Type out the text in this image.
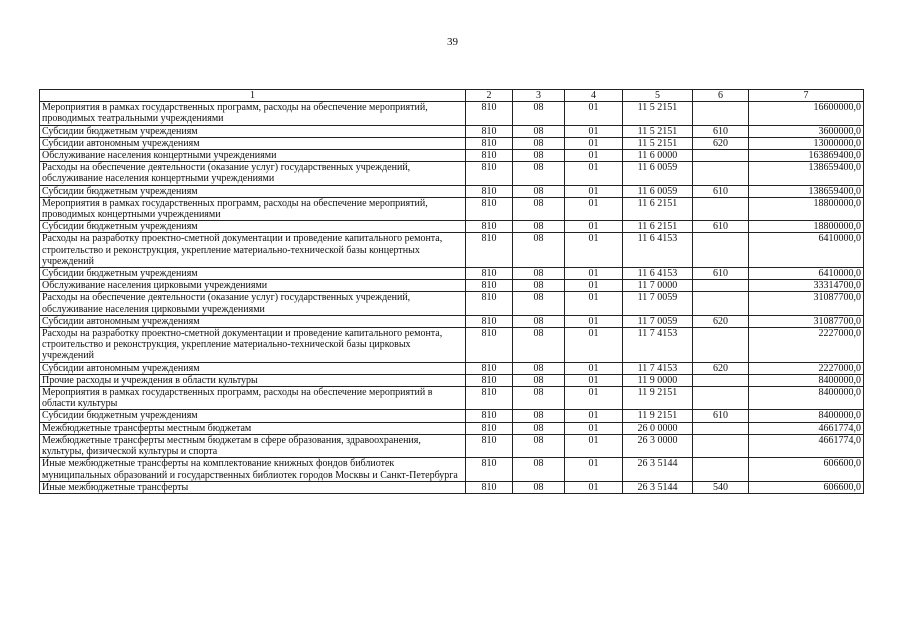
39
1	2	3	4	5	6	7
Мероприятия в рамках государственных программ, расходы на обеспечение мероприятий, проводимых театральными учреждениями	810	08	01	11 5 2151		16600000,0
Субсидии бюджетным учреждениям	810	08	01	11 5 2151	610	3600000,0
Субсидии автономным учреждениям	810	08	01	11 5 2151	620	13000000,0
Обслуживание населения концертными учреждениями	810	08	01	11 6 0000		163869400,0
Расходы на обеспечение деятельности (оказание услуг) государственных учреждений, обслуживание населения концертными учреждениями	810	08	01	11 6 0059		138659400,0
Субсидии бюджетным учреждениям	810	08	01	11 6 0059	610	138659400,0
Мероприятия в рамках государственных программ, расходы на обеспечение мероприятий, проводимых концертными учреждениями	810	08	01	11 6 2151		18800000,0
Субсидии бюджетным учреждениям	810	08	01	11 6 2151	610	18800000,0
Расходы на разработку проектно-сметной документации и проведение капитального ремонта, строительство и реконструкция, укрепление материально-технической базы концертных учреждений	810	08	01	11 6 4153		6410000,0
Субсидии бюджетным учреждениям	810	08	01	11 6 4153	610	6410000,0
Обслуживание населения цирковыми учреждениями	810	08	01	11 7 0000		33314700,0
Расходы на обеспечение деятельности (оказание услуг) государственных учреждений, обслуживание населения цирковыми учреждениями	810	08	01	11 7 0059		31087700,0
Субсидии автономным учреждениям	810	08	01	11 7 0059	620	31087700,0
Расходы на разработку проектно-сметной документации и проведение капитального ремонта, строительство и реконструкция, укрепление материально-технической базы цирковых учреждений	810	08	01	11 7 4153		2227000,0
Субсидии автономным учреждениям	810	08	01	11 7 4153	620	2227000,0
Прочие расходы и учреждения в области культуры	810	08	01	11 9 0000		8400000,0
Мероприятия в рамках государственных программ, расходы на обеспечение мероприятий в области культуры	810	08	01	11 9 2151		8400000,0
Субсидии бюджетным учреждениям	810	08	01	11 9 2151	610	8400000,0
Межбюджетные трансферты местным бюджетам	810	08	01	26 0 0000		4661774,0
Межбюджетные трансферты местным бюджетам в сфере образования, здравоохранения, культуры, физической культуры и спорта	810	08	01	26 3 0000		4661774,0
Иные межбюджетные трансферты на комплектование книжных фондов библиотек муниципальных образований и государственных библиотек городов Москвы и Санкт-Петербурга	810	08	01	26 3 5144		606600,0
Иные межбюджетные трансферты	810	08	01	26 3 5144	540	606600,0
